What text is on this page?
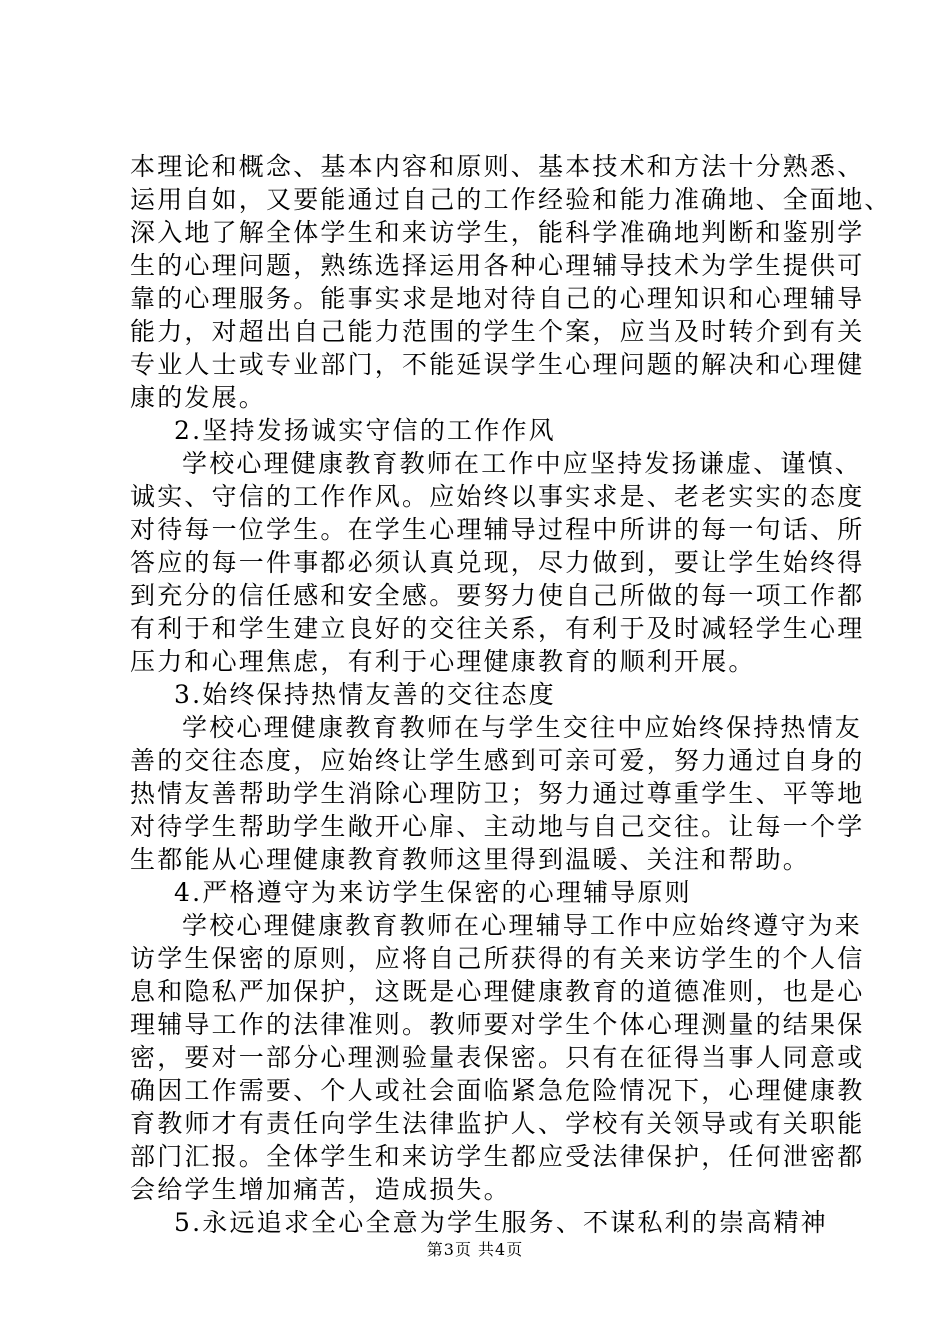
本理论和概念、基本内容和原则、基本技术和方法十分熟悉、
运用自如，又要能通过自己的工作经验和能力准确地、全面地、
深入地了解全体学生和来访学生，能科学准确地判断和鉴别学
生的心理问题，熟练选择运用各种心理辅导技术为学生提供可
靠的心理服务。能事实求是地对待自己的心理知识和心理辅导
能力，对超出自己能力范围的学生个案，应当及时转介到有关
专业人士或专业部门，不能延误学生心理问题的解决和心理健
康的发展。
2.坚持发扬诚实守信的工作作风
学校心理健康教育教师在工作中应坚持发扬谦虚、谨慎、
诚实、守信的工作作风。应始终以事实求是、老老实实的态度
对待每一位学生。在学生心理辅导过程中所讲的每一句话、所
答应的每一件事都必须认真兑现，尽力做到，要让学生始终得
到充分的信任感和安全感。要努力使自己所做的每一项工作都
有利于和学生建立良好的交往关系，有利于及时减轻学生心理
压力和心理焦虑，有利于心理健康教育的顺利开展。
3.始终保持热情友善的交往态度
学校心理健康教育教师在与学生交往中应始终保持热情友
善的交往态度，应始终让学生感到可亲可爱，努力通过自身的
热情友善帮助学生消除心理防卫；努力通过尊重学生、平等地
对待学生帮助学生敞开心扉、主动地与自己交往。让每一个学
生都能从心理健康教育教师这里得到温暖、关注和帮助。
4.严格遵守为来访学生保密的心理辅导原则
学校心理健康教育教师在心理辅导工作中应始终遵守为来
访学生保密的原则，应将自己所获得的有关来访学生的个人信
息和隐私严加保护，这既是心理健康教育的道德准则，也是心
理辅导工作的法律准则。教师要对学生个体心理测量的结果保
密，要对一部分心理测验量表保密。只有在征得当事人同意或
确因工作需要、个人或社会面临紧急危险情况下，心理健康教
育教师才有责任向学生法律监护人、学校有关领导或有关职能
部门汇报。全体学生和来访学生都应受法律保护，任何泄密都
会给学生增加痛苦，造成损失。
5.永远追求全心全意为学生服务、不谋私利的崇高精神
第3页 共4页
